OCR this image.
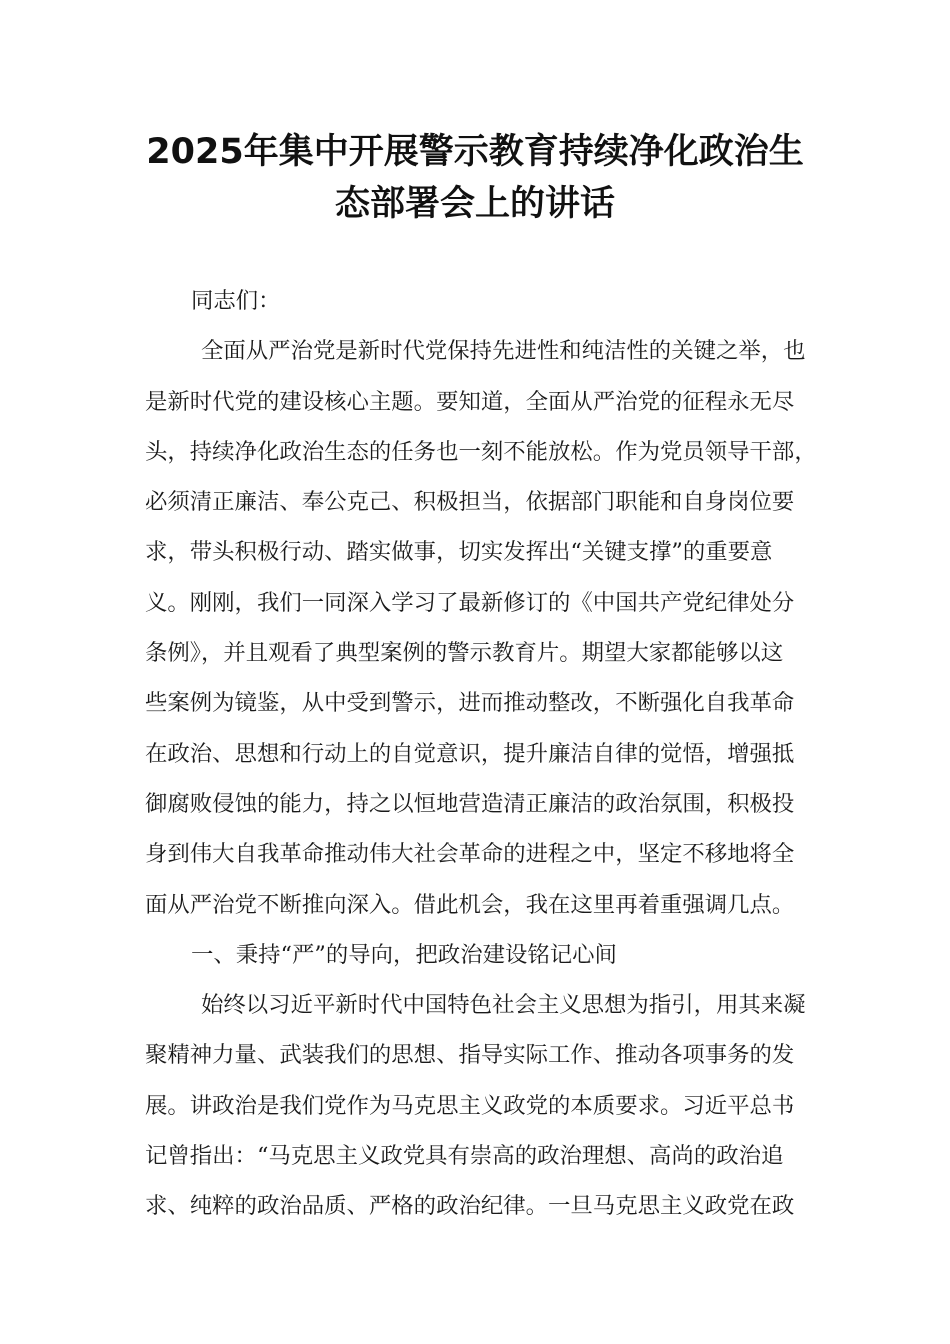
2025年集中开展警示教育持续净化政治生
态部署会上的讲话
同志们：
全面从严治党是新时代党保持先进性和纯洁性的关键之举，也
是新时代党的建设核心主题。要知道，全面从严治党的征程永无尽
头，持续净化政治生态的任务也一刻不能放松。作为党员领导干部，
必须清正廉洁、奉公克己、积极担当，依据部门职能和自身岗位要
求，带头积极行动、踏实做事，切实发挥出“关键支撑”的重要意
义。刚刚，我们一同深入学习了最新修订的《中国共产党纪律处分
条例》，并且观看了典型案例的警示教育片。期望大家都能够以这
些案例为镜鉴，从中受到警示，进而推动整改，不断强化自我革命
在政治、思想和行动上的自觉意识，提升廉洁自律的觉悟，增强抵
御腐败侵蚀的能力，持之以恒地营造清正廉洁的政治氛围，积极投
身到伟大自我革命推动伟大社会革命的进程之中，坚定不移地将全
面从严治党不断推向深入。借此机会，我在这里再着重强调几点。
一、秉持“严”的导向，把政治建设铭记心间
始终以习近平新时代中国特色社会主义思想为指引，用其来凝
聚精神力量、武装我们的思想、指导实际工作、推动各项事务的发
展。讲政治是我们党作为马克思主义政党的本质要求。习近平总书
记曾指出：“马克思主义政党具有崇高的政治理想、高尚的政治追
求、纯粹的政治品质、严格的政治纪律。一旦马克思主义政党在政
